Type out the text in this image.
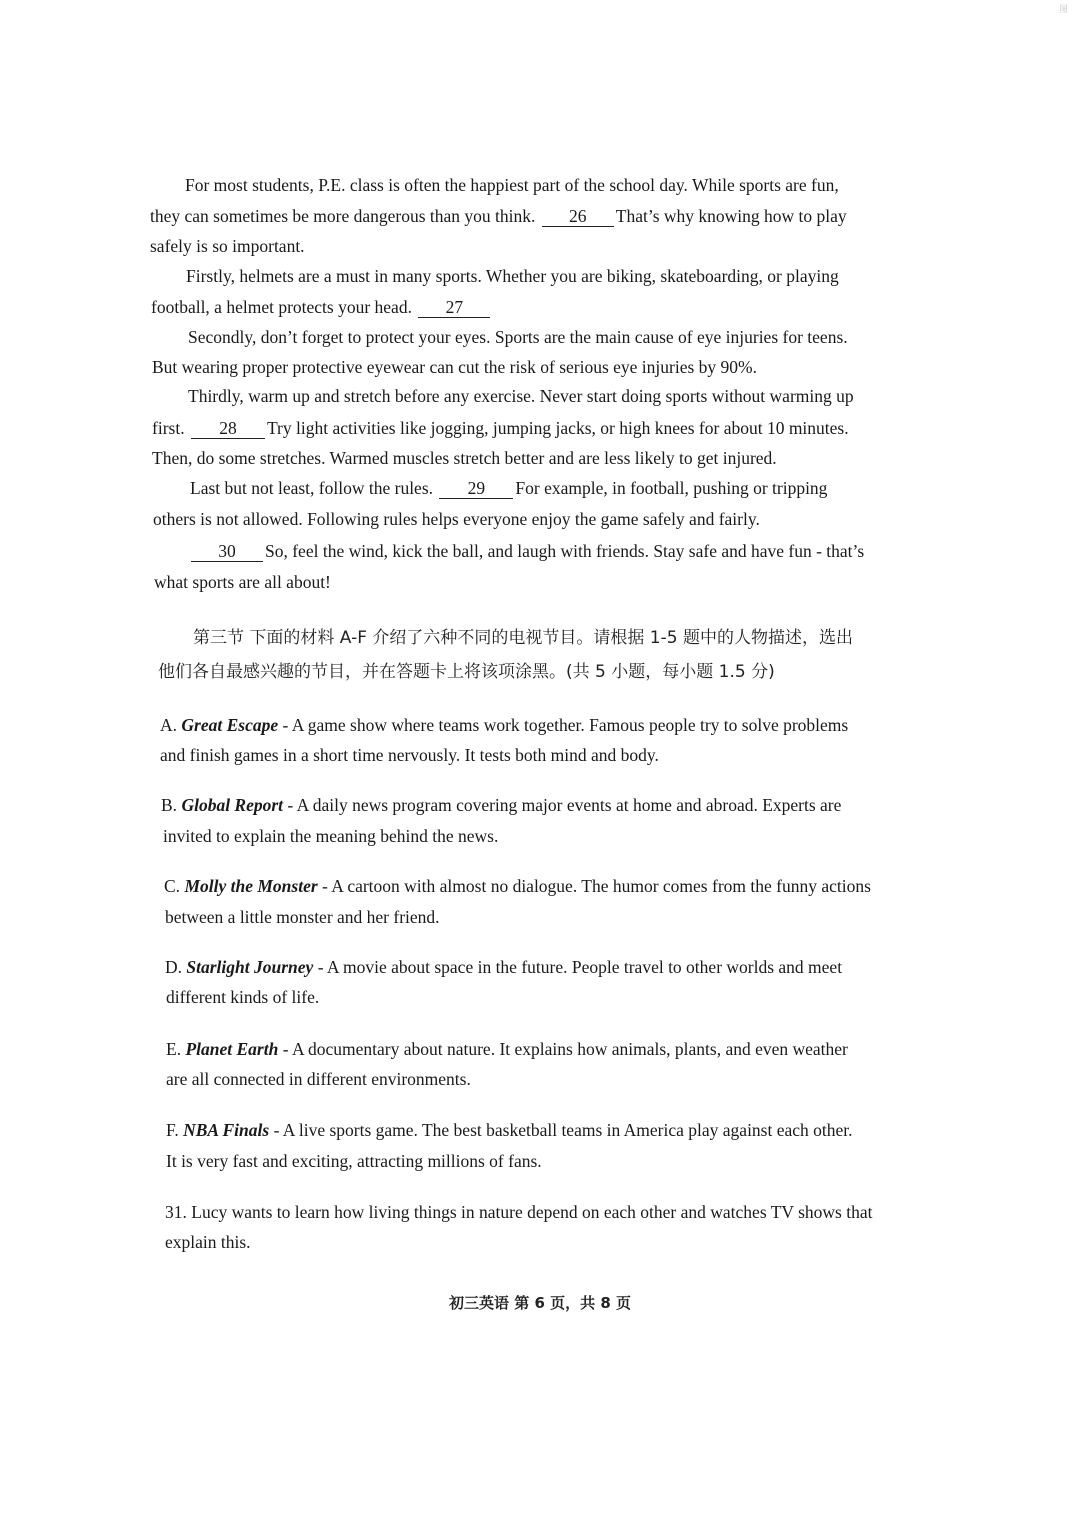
图
For most students, P.E. class is often the happiest part of the school day. While sports are fun,
they can sometimes be more dangerous than you think. 26 That’s why knowing how to play
safely is so important.
Firstly, helmets are a must in many sports. Whether you are biking, skateboarding, or playing
football, a helmet protects your head. 27
Secondly, don’t forget to protect your eyes. Sports are the main cause of eye injuries for teens.
But wearing proper protective eyewear can cut the risk of serious eye injuries by 90%.
Thirdly, warm up and stretch before any exercise. Never start doing sports without warming up
first. 28 Try light activities like jogging, jumping jacks, or high knees for about 10 minutes.
Then, do some stretches. Warmed muscles stretch better and are less likely to get injured.
Last but not least, follow the rules. 29 For example, in football, pushing or tripping
others is not allowed. Following rules helps everyone enjoy the game safely and fairly.
30 So, feel the wind, kick the ball, and laugh with friends. Stay safe and have fun - that’s
what sports are all about!
第三节 下面的材料 A-F 介绍了六种不同的电视节目。请根据 1-5 题中的人物描述，选出
他们各自最感兴趣的节目，并在答题卡上将该项涂黑。(共 5 小题，每小题 1.5 分)
A. Great Escape - A game show where teams work together. Famous people try to solve problems
and finish games in a short time nervously. It tests both mind and body.
B. Global Report - A daily news program covering major events at home and abroad. Experts are
invited to explain the meaning behind the news.
C. Molly the Monster - A cartoon with almost no dialogue. The humor comes from the funny actions
between a little monster and her friend.
D. Starlight Journey - A movie about space in the future. People travel to other worlds and meet
different kinds of life.
E. Planet Earth - A documentary about nature. It explains how animals, plants, and even weather
are all connected in different environments.
F. NBA Finals - A live sports game. The best basketball teams in America play against each other.
It is very fast and exciting, attracting millions of fans.
31. Lucy wants to learn how living things in nature depend on each other and watches TV shows that
explain this.
初三英语 第 6 页，共 8 页
